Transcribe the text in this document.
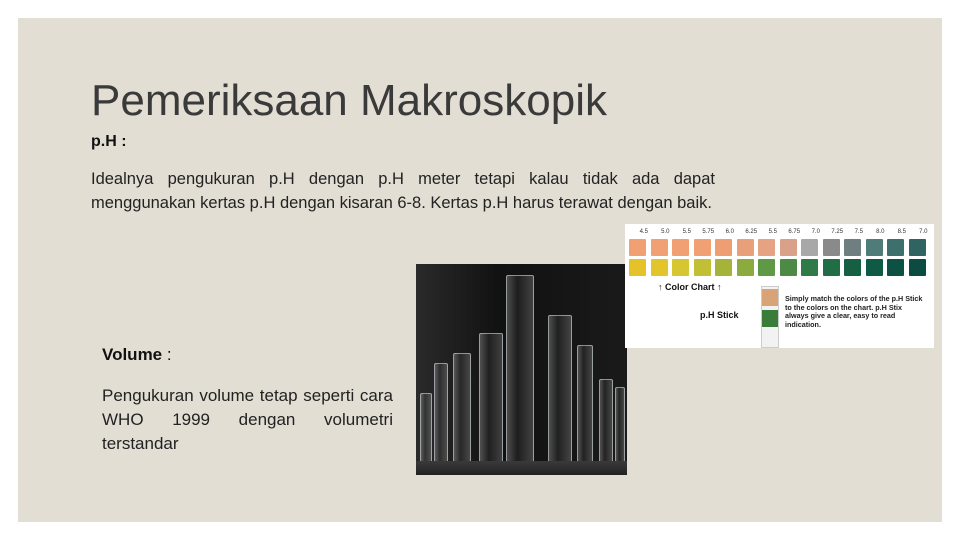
Pemeriksaan Makroskopik
p.H :
Idealnya pengukuran p.H dengan p.H meter tetapi kalau tidak ada dapat menggunakan kertas p.H dengan kisaran 6-8. Kertas p.H harus terawat dengan baik.
Volume :
Pengukuran volume tetap seperti cara WHO 1999 dengan volumetri terstandar
4.5	5.0	5.5	5.75	6.0	6.25	5.5	6.75	7.0	7.25	7.5	8.0	8.5	7.0
↑ Color Chart ↑
p.H Stick
Simply match the colors of the p.H Stick to the colors on the chart. p.H Stix always give a clear, easy to read indication.
